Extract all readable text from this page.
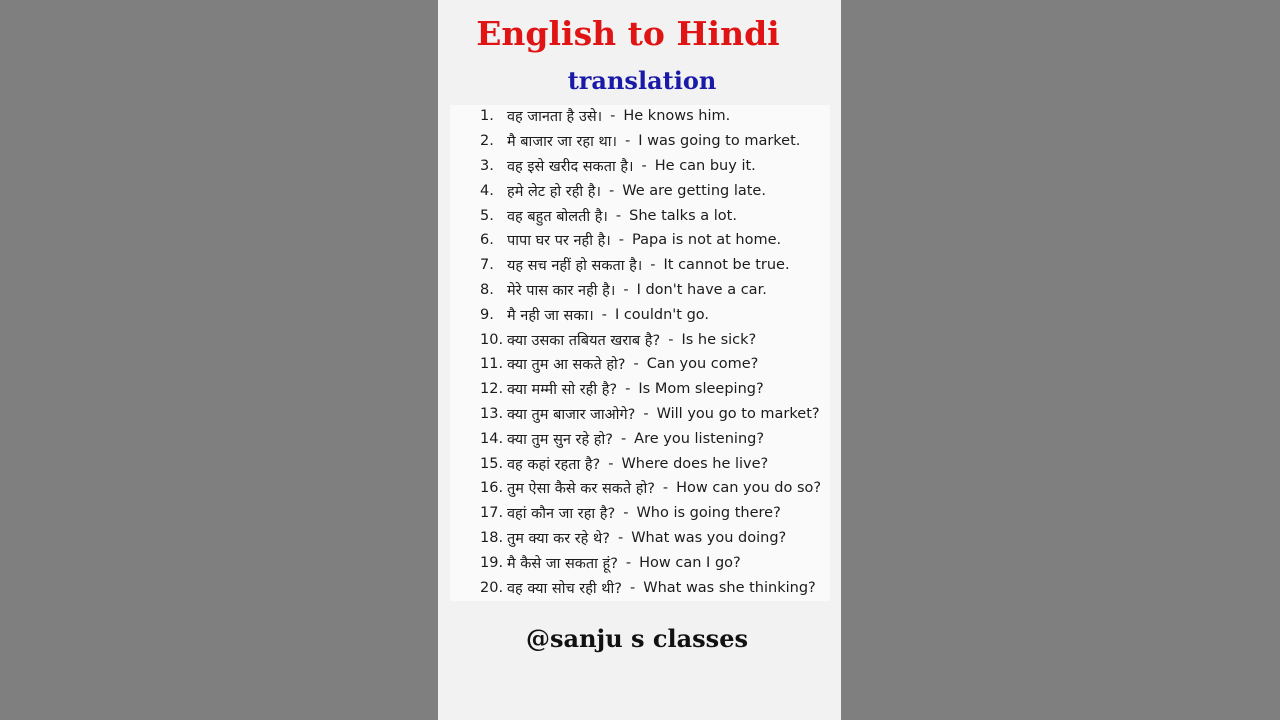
English to Hindi
translation
1. वह जानता है उसे। - He knows him.
2. मै बाजार जा रहा था। - I was going to market.
3. वह इसे खरीद सकता है। - He can buy it.
4. हमे लेट हो रही है। - We are getting late.
5. वह बहुत बोलती है। - She talks a lot.
6. पापा घर पर नही है। - Papa is not at home.
7. यह सच नहीं हो सकता है। - It cannot be true.
8. मेरे पास कार नही है। - I don't have a car.
9. मै नही जा सका। - I couldn't go.
10. क्या उसका तबियत खराब है? - Is he sick?
11. क्या तुम आ सकते हो? - Can you come?
12. क्या मम्मी सो रही है? - Is Mom sleeping?
13. क्या तुम बाजार जाओगे? - Will you go to market?
14. क्या तुम सुन रहे हो? - Are you listening?
15. वह कहां रहता है? - Where does he live?
16. तुम ऐसा कैसे कर सकते हो? - How can you do so?
17. वहां कौन जा रहा है? - Who is going there?
18. तुम क्या कर रहे थे? - What was you doing?
19. मै कैसे जा सकता हूं? - How can I go?
20. वह क्या सोच रही थी? - What was she thinking?
@sanju s classes
